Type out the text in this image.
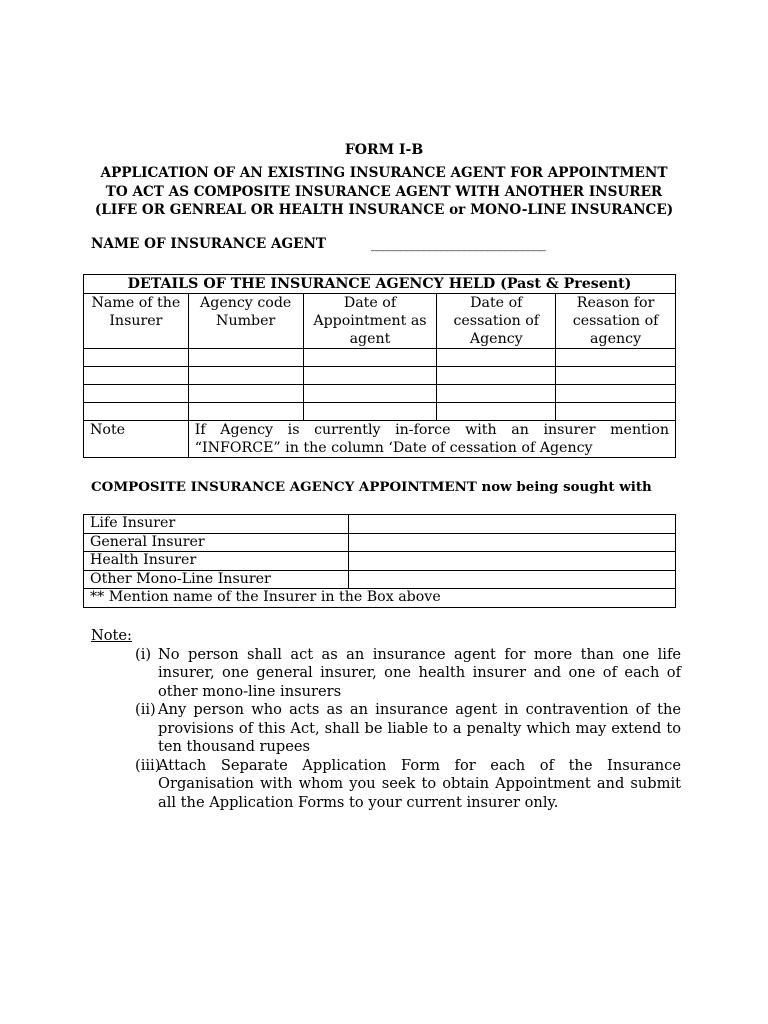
FORM I-B
APPLICATION OF AN EXISTING INSURANCE AGENT FOR APPOINTMENT
TO ACT AS COMPOSITE INSURANCE AGENT WITH ANOTHER INSURER
(LIFE OR GENREAL OR HEALTH INSURANCE or MONO-LINE INSURANCE)
NAME OF INSURANCE AGENT	______________________________
DETAILS OF THE INSURANCE AGENCY HELD (Past & Present)				
Name of the Insurer	Agency code Number	Date of Appointment as agent	Date of cessation of Agency	Reason for cessation of agency

Note	If Agency is currently in-force with an insurer mention “INFORCE” in the column ‘Date of cessation of Agency			
COMPOSITE INSURANCE AGENCY APPOINTMENT now being sought with
Life Insurer	
General Insurer	
Health Insurer	
Other Mono-Line Insurer	
** Mention name of the Insurer in the Box above	
Note:
(i) No person shall act as an insurance agent for more than one life insurer, one general insurer, one health insurer and one of each of other mono-line insurers
(ii) Any person who acts as an insurance agent in contravention of the provisions of this Act, shall be liable to a penalty which may extend to ten thousand rupees
(iii)
Attach Separate Application Form for each of the Insurance Organisation with whom you seek to obtain Appointment and submit all the Application Forms to your current insurer only.
